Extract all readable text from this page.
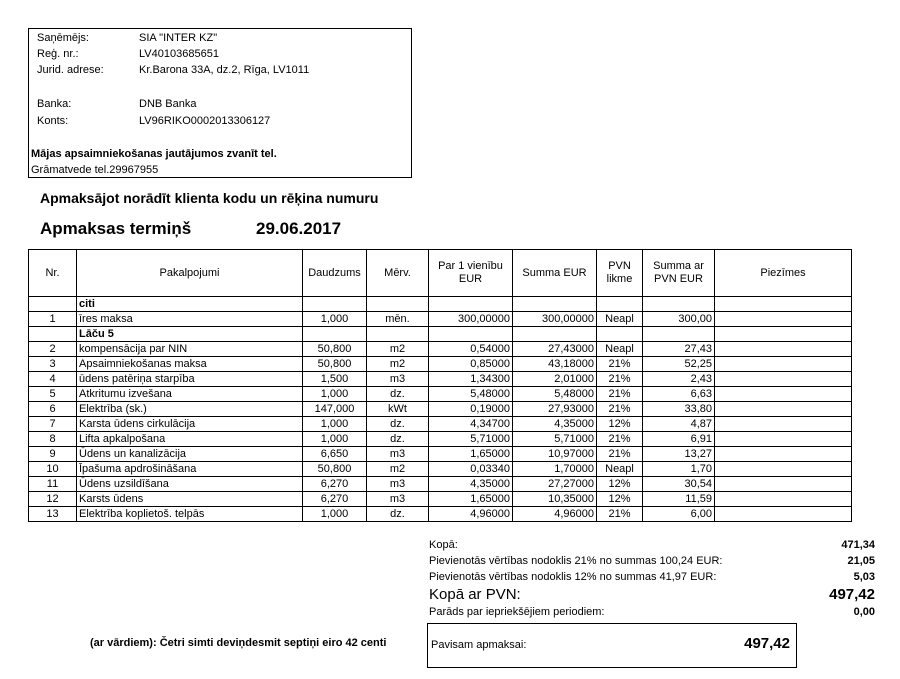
Saņēmējs:	SIA "INTER KZ"
Reģ. nr.:	LV40103685651
Jurid. adrese:	Kr.Barona 33A, dz.2, Rīga, LV1011
Banka:	DNB Banka
Konts:	LV96RIKO0002013306127
Mājas apsaimniekošanas jautājumos zvanīt tel.
Grāmatvede tel.29967955
Apmaksājot norādīt klienta kodu un rēķina numuru
Apmaksas termiņš	29.06.2017
Nr.	Pakalpojumi	Daudzums	Mērv.	Par 1 vienību EUR	Summa EUR	PVN likme	Summa ar PVN EUR	Piezīmes
	citi							
1	īres maksa	1,000	mēn.	300,00000	300,00000	Neapl	300,00	
	Lāču 5							
2	kompensācija par NIN	50,800	m2	0,54000	27,43000	Neapl	27,43	
3	Apsaimniekošanas maksa	50,800	m2	0,85000	43,18000	21%	52,25	
4	ūdens patēriņa starpība	1,500	m3	1,34300	2,01000	21%	2,43	
5	Atkritumu izvešana	1,000	dz.	5,48000	5,48000	21%	6,63	
6	Elektrība (sk.)	147,000	kWt	0,19000	27,93000	21%	33,80	
7	Karsta ūdens cirkulācija	1,000	dz.	4,34700	4,35000	12%	4,87	
8	Lifta apkalpošana	1,000	dz.	5,71000	5,71000	21%	6,91	
9	Ūdens un kanalizācija	6,650	m3	1,65000	10,97000	21%	13,27	
10	Īpašuma apdrošināšana	50,800	m2	0,03340	1,70000	Neapl	1,70	
11	Ūdens uzsildīšana	6,270	m3	4,35000	27,27000	12%	30,54	
12	Karsts ūdens	6,270	m3	1,65000	10,35000	12%	11,59	
13	Elektrība koplietoš. telpās	1,000	dz.	4,96000	4,96000	21%	6,00	
Kopā:	471,34
Pievienotās vērtības nodoklis 21% no summas 100,24 EUR:	21,05
Pievienotās vērtības nodoklis 12% no summas 41,97 EUR:	5,03
Kopā ar PVN:	497,42
Parāds par iepriekšējiem periodiem:	0,00
(ar vārdiem): Četri simti deviņdesmit septiņi eiro 42 centi	Pavisam apmaksai:	497,42
